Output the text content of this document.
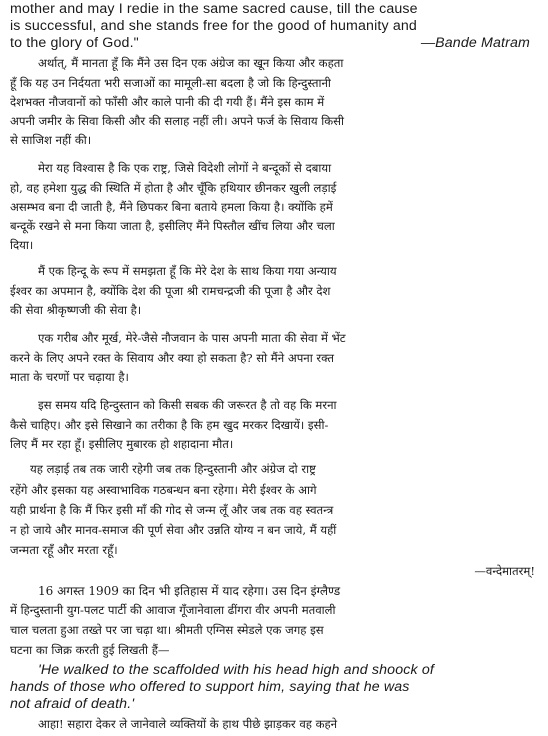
mother and may I redie in the same sacred cause, till the cause
is successful, and she stands free for the good of humanity and
to the glory of God."	—Bande Matram
अर्थात्, मैं मानता हूँ कि मैंने उस दिन एक अंग्रेज का खून किया और कहता
हूँ कि यह उन निर्दयता भरी सजाओं का मामूली-सा बदला है जो कि हिन्दुस्तानी
देशभक्त नौजवानों को फाँसी और काले पानी की दी गयी हैं। मैंने इस काम में
अपनी जमीर के सिवा किसी और की सलाह नहीं ली। अपने फर्ज के सिवाय किसी
से साजिश नहीं की।
मेरा यह विश्वास है कि एक राष्ट्र, जिसे विदेशी लोगों ने बन्दूकों से दबाया
हो, वह हमेशा युद्ध की स्थिति में होता है और चूँकि हथियार छीनकर खुली लड़ाई
असम्भव बना दी जाती है, मैंने छिपकर बिना बताये हमला किया है। क्योंकि हमें
बन्दूकें रखने से मना किया जाता है, इसीलिए मैंने पिस्तौल खींच लिया और चला
दिया।
मैं एक हिन्दू के रूप में समझता हूँ कि मेरे देश के साथ किया गया अन्याय
ईश्वर का अपमान है, क्योंकि देश की पूजा श्री रामचन्द्रजी की पूजा है और देश
की सेवा श्रीकृष्णजी की सेवा है।
एक गरीब और मूर्ख, मेरे-जैसे नौजवान के पास अपनी माता की सेवा में भेंट
करने के लिए अपने रक्त के सिवाय और क्या हो सकता है? सो मैंने अपना रक्त
माता के चरणों पर चढ़ाया है।
इस समय यदि हिन्दुस्तान को किसी सबक की जरूरत है तो वह कि मरना
कैसे चाहिए। और इसे सिखाने का तरीका है कि हम खुद मरकर दिखायें। इसी-
लिए मैं मर रहा हूँ। इसीलिए मुबारक हो शहादाना मौत।
यह लड़ाई तब तक जारी रहेगी जब तक हिन्दुस्तानी और अंग्रेज दो राष्ट्र
रहेंगे और इसका यह अस्वाभाविक गठबन्धन बना रहेगा। मेरी ईश्वर के आगे
यही प्रार्थना है कि मैं फिर इसी माँ की गोद से जन्म लूँ और जब तक वह स्वतन्त्र
न हो जाये और मानव-समाज की पूर्ण सेवा और उन्नति योग्य न बन जाये, मैं यहीं
जन्मता रहूँ और मरता रहूँ।
—वन्देमातरम्!
16 अगस्त 1909 का दिन भी इतिहास में याद रहेगा। उस दिन इंग्लैण्ड
में हिन्दुस्तानी युग-पलट पार्टी की आवाज गूँजानेवाला ढींगरा वीर अपनी मतवाली
चाल चलता हुआ तख्ते पर जा चढ़ा था। श्रीमती एग्निस स्मेडले एक जगह इस
घटना का जिक्र करती हुई लिखती हैं—
'He walked to the scaffolded with his head high and shoock of
hands of those who offered to support him, saying that he was
not afraid of death.'
आहा! सहारा देकर ले जानेवाले व्यक्तियों के हाथ पीछे झाड़कर वह कहने
